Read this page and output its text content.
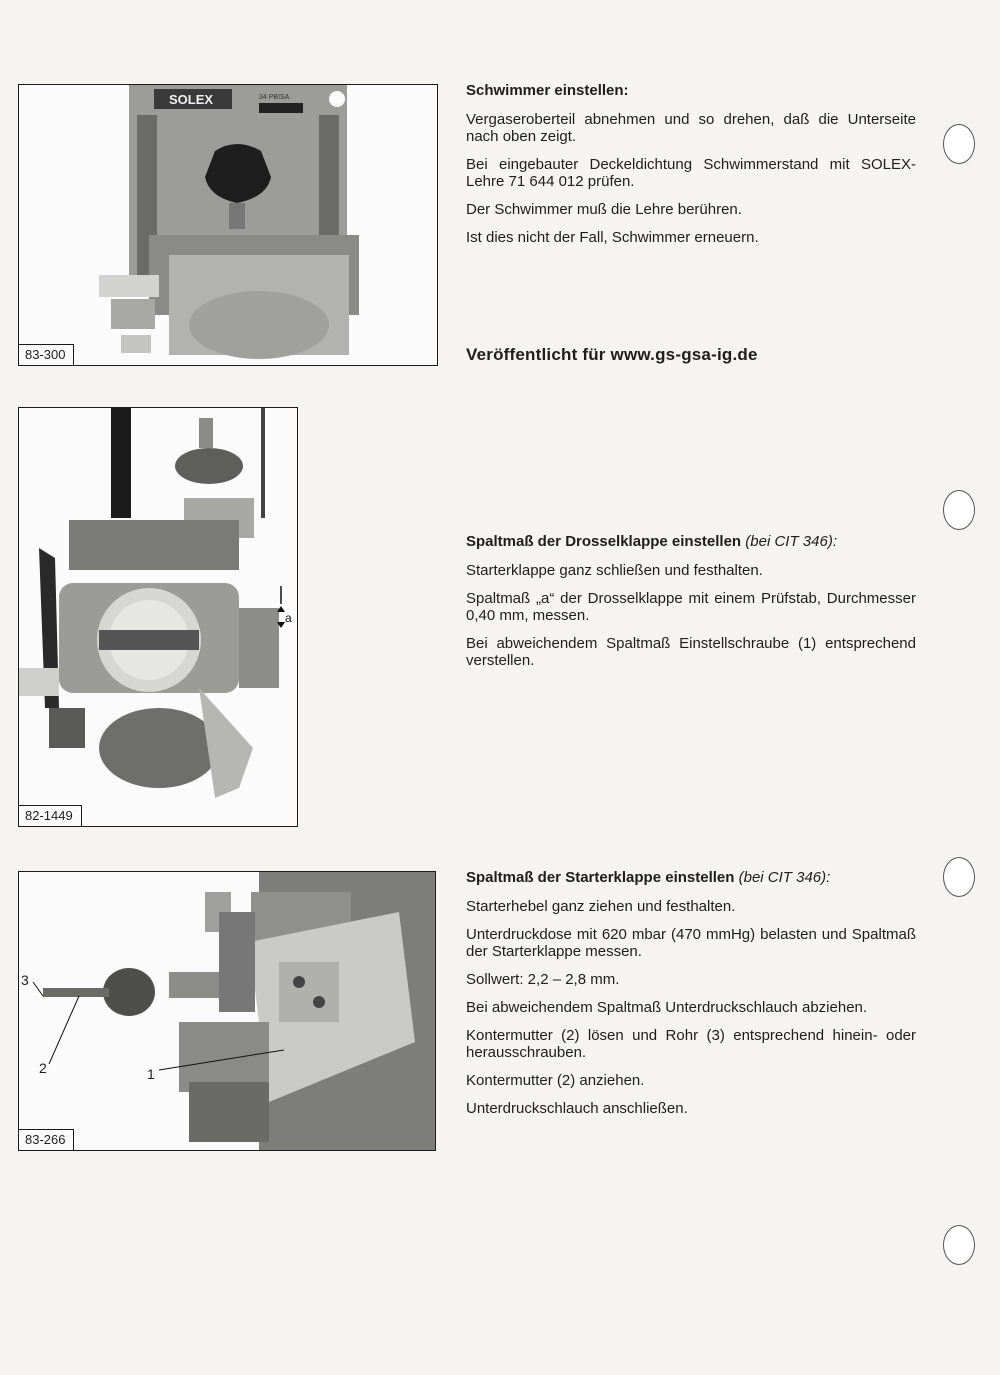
SOLEX	34 PBISA
83-300
Schwimmer einstellen:

Vergaseroberteil abnehmen und so drehen, daß die Unterseite nach oben zeigt.

Bei eingebauter Deckeldichtung Schwimmerstand mit SOLEX-Lehre 71 644 012 prüfen.

Der Schwimmer muß die Lehre berühren.

Ist dies nicht der Fall, Schwimmer erneuern.

Veröffentlicht für www.gs-gsa-ig.de
a
82-1449
Spaltmaß der Drosselklappe einstellen (bei CIT 346):

Starterklappe ganz schließen und festhalten.

Spaltmaß „a“ der Drosselklappe mit einem Prüfstab, Durchmesser 0,40 mm, messen.

Bei abweichendem Spaltmaß Einstellschraube (1) entsprechend verstellen.

3
2	1
83-266
Spaltmaß der Starterklappe einstellen (bei CIT 346):

Starterhebel ganz ziehen und festhalten.

Unterdruckdose mit 620 mbar (470 mmHg) belasten und Spaltmaß der Starterklappe messen.

Sollwert: 2,2 – 2,8 mm.

Bei abweichendem Spaltmaß Unterdruckschlauch abziehen.

Kontermutter (2) lösen und Rohr (3) entsprechend hinein- oder herausschrauben.

Kontermutter (2) anziehen.

Unterdruckschlauch anschließen.
